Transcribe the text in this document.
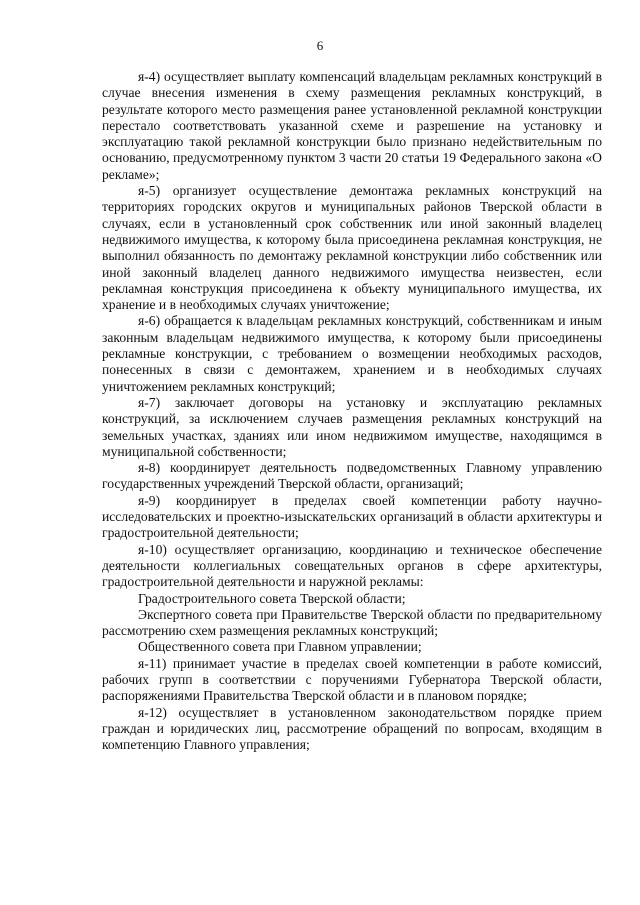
6

я-4) осуществляет выплату компенсаций владельцам рекламных конструкций в случае внесения изменения в схему размещения рекламных конструкций, в результате которого место размещения ранее установленной рекламной конструкции перестало соответствовать указанной схеме и разрешение на установку и эксплуатацию такой рекламной конструкции было признано недействительным по основанию, предусмотренному пунктом 3 части 20 статьи 19 Федерального закона «О рекламе»;

я-5) организует осуществление демонтажа рекламных конструкций на территориях городских округов и муниципальных районов Тверской области в случаях, если в установленный срок собственник или иной законный владелец недвижимого имущества, к которому была присоединена рекламная конструкция, не выполнил обязанность по демонтажу рекламной конструкции либо собственник или иной законный владелец данного недвижимого имущества неизвестен, если рекламная конструкция присоединена к объекту муниципального имущества, их хранение и в необходимых случаях уничтожение;

я-6) обращается к владельцам рекламных конструкций, собственникам и иным законным владельцам недвижимого имущества, к которому были присоединены рекламные конструкции, с требованием о возмещении необходимых расходов, понесенных в связи с демонтажем, хранением и в необходимых случаях уничтожением рекламных конструкций;

я-7) заключает договоры на установку и эксплуатацию рекламных конструкций, за исключением случаев размещения рекламных конструкций на земельных участках, зданиях или ином недвижимом имуществе, находящимся в муниципальной собственности;

я-8) координирует деятельность подведомственных Главному управлению государственных учреждений Тверской области, организаций;

я-9) координирует в пределах своей компетенции работу научно-исследовательских и проектно-изыскательских организаций в области архитектуры и градостроительной деятельности;

я-10) осуществляет организацию, координацию и техническое обеспечение деятельности коллегиальных совещательных органов в сфере архитектуры, градостроительной деятельности и наружной рекламы:

Градостроительного совета Тверской области;

Экспертного совета при Правительстве Тверской области по предварительному рассмотрению схем размещения рекламных конструкций;

Общественного совета при Главном управлении;

я-11) принимает участие в пределах своей компетенции в работе комиссий, рабочих групп в соответствии с поручениями Губернатора Тверской области, распоряжениями Правительства Тверской области и в плановом порядке;

я-12) осуществляет в установленном законодательством порядке прием граждан и юридических лиц, рассмотрение обращений по вопросам, входящим в компетенцию Главного управления;
